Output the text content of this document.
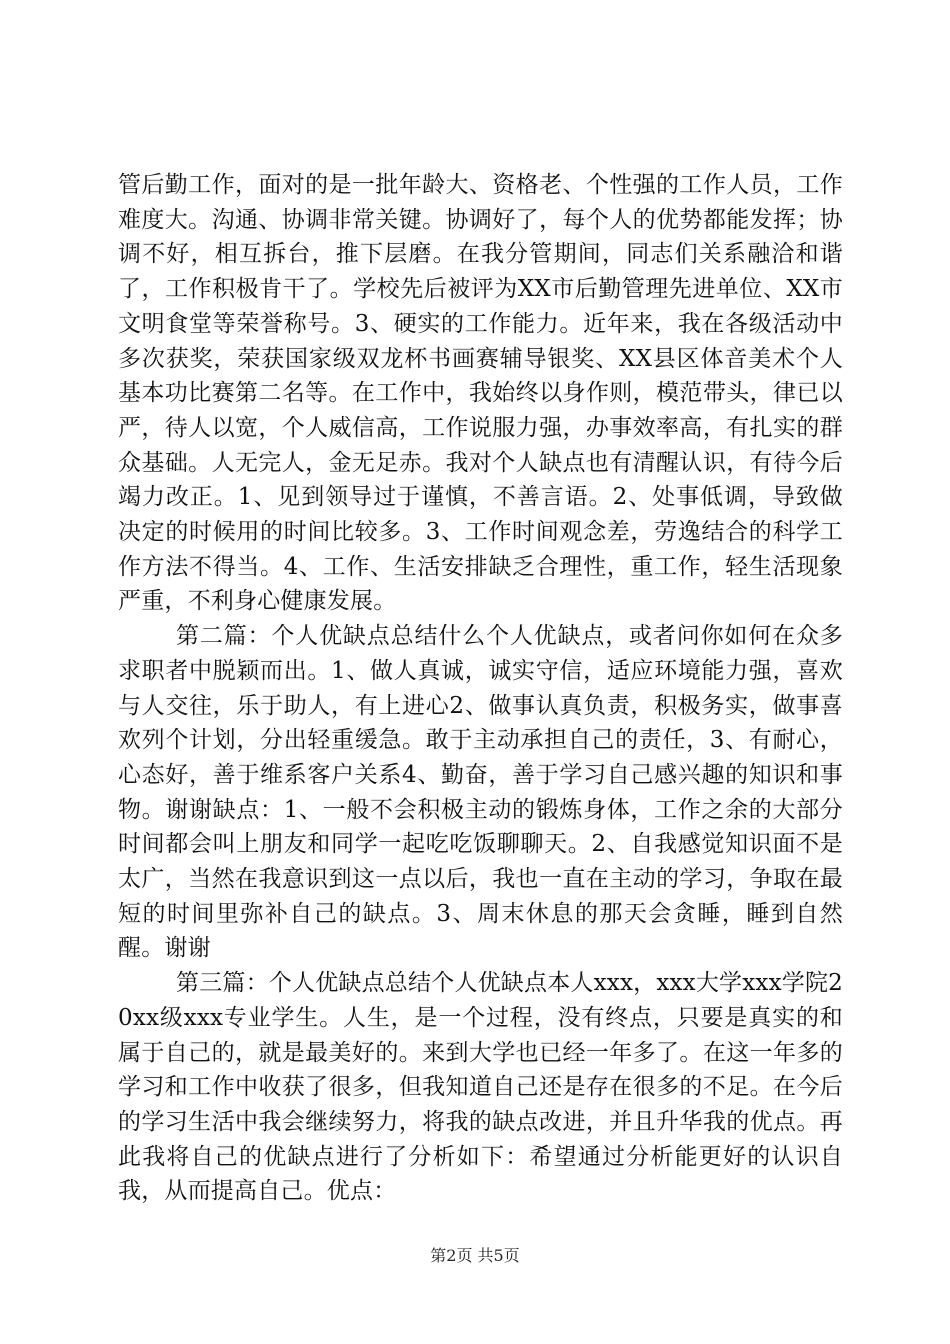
管后勤工作，面对的是一批年龄大、资格老、个性强的工作人员，工作难度大。沟通、协调非常关键。协调好了，每个人的优势都能发挥；协调不好，相互拆台，推下层磨。在我分管期间，同志们关系融洽和谐了，工作积极肯干了。学校先后被评为XX市后勤管理先进单位、XX市文明食堂等荣誉称号。3、硬实的工作能力。近年来，我在各级活动中多次获奖，荣获国家级双龙杯书画赛辅导银奖、XX县区体音美术个人基本功比赛第二名等。在工作中，我始终以身作则，模范带头，律已以严，待人以宽，个人威信高，工作说服力强，办事效率高，有扎实的群众基础。人无完人，金无足赤。我对个人缺点也有清醒认识，有待今后竭力改正。1、见到领导过于谨慎，不善言语。2、处事低调，导致做决定的时候用的时间比较多。3、工作时间观念差，劳逸结合的科学工作方法不得当。4、工作、生活安排缺乏合理性，重工作，轻生活现象严重，不利身心健康发展。

第二篇：个人优缺点总结什么个人优缺点，或者问你如何在众多求职者中脱颖而出。1、做人真诚，诚实守信，适应环境能力强，喜欢与人交往，乐于助人，有上进心2、做事认真负责，积极务实，做事喜欢列个计划，分出轻重缓急。敢于主动承担自己的责任，3、有耐心，心态好，善于维系客户关系4、勤奋，善于学习自己感兴趣的知识和事物。谢谢缺点：1、一般不会积极主动的锻炼身体，工作之余的大部分时间都会叫上朋友和同学一起吃吃饭聊聊天。2、自我感觉知识面不是太广，当然在我意识到这一点以后，我也一直在主动的学习，争取在最短的时间里弥补自己的缺点。3、周末休息的那天会贪睡，睡到自然醒。谢谢

第三篇：个人优缺点总结个人优缺点本人xxx，xxx大学xxx学院20xx级xxx专业学生。人生，是一个过程，没有终点，只要是真实的和属于自己的，就是最美好的。来到大学也已经一年多了。在这一年多的学习和工作中收获了很多，但我知道自己还是存在很多的不足。在今后的学习生活中我会继续努力，将我的缺点改进，并且升华我的优点。再此我将自己的优缺点进行了分析如下：希望通过分析能更好的认识自我，从而提高自己。优点：

第2页 共5页
